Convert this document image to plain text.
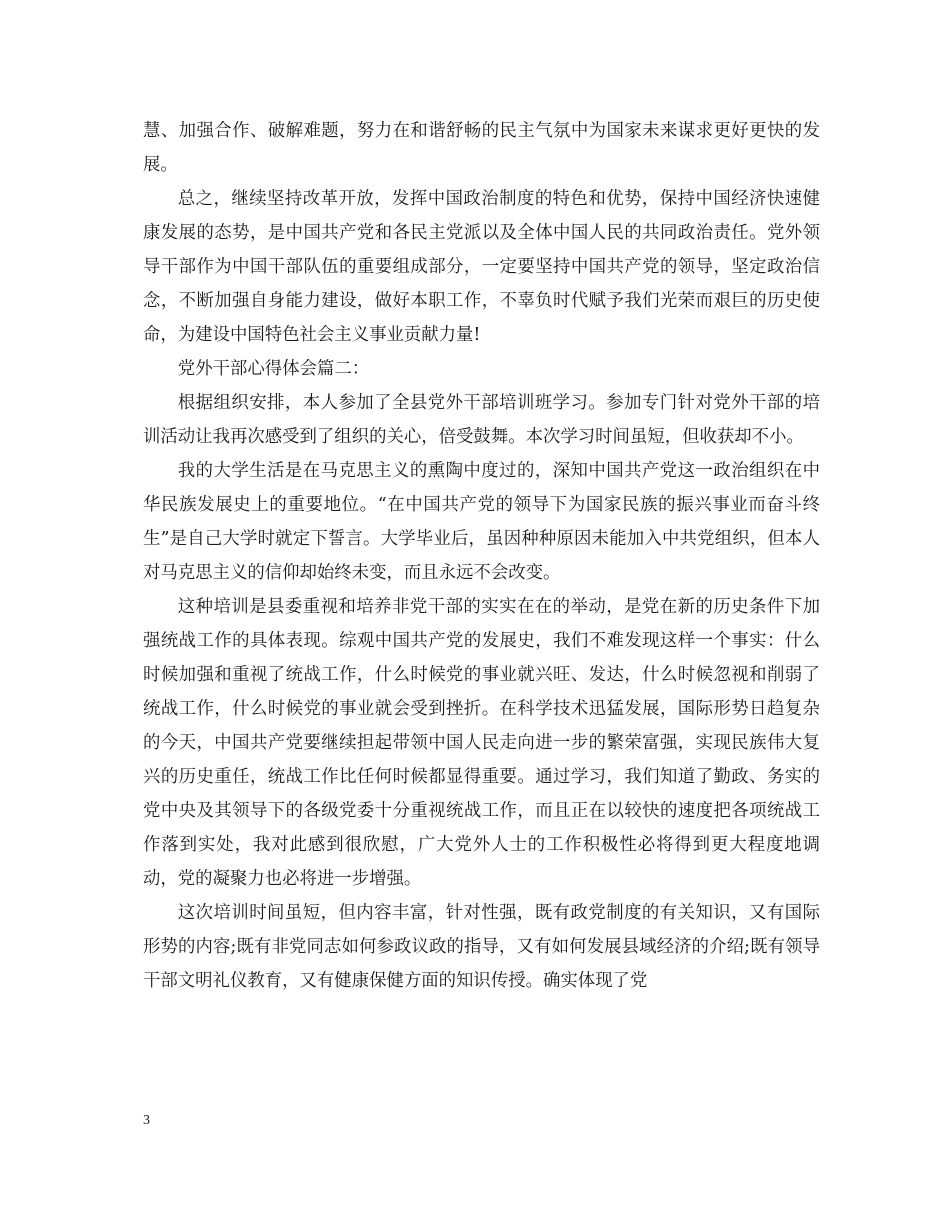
慧、加强合作、破解难题，努力在和谐舒畅的民主气氛中为国家未来谋求更好更快的发展。

总之，继续坚持改革开放，发挥中国政治制度的特色和优势，保持中国经济快速健康发展的态势，是中国共产党和各民主党派以及全体中国人民的共同政治责任。党外领导干部作为中国干部队伍的重要组成部分，一定要坚持中国共产党的领导，坚定政治信念，不断加强自身能力建设，做好本职工作，不辜负时代赋予我们光荣而艰巨的历史使命，为建设中国特色社会主义事业贡献力量!

党外干部心得体会篇二：

根据组织安排，本人参加了全县党外干部培训班学习。参加专门针对党外干部的培训活动让我再次感受到了组织的关心，倍受鼓舞。本次学习时间虽短，但收获却不小。

我的大学生活是在马克思主义的熏陶中度过的，深知中国共产党这一政治组织在中华民族发展史上的重要地位。“在中国共产党的领导下为国家民族的振兴事业而奋斗终生”是自己大学时就定下誓言。大学毕业后，虽因种种原因未能加入中共党组织，但本人对马克思主义的信仰却始终未变，而且永远不会改变。

这种培训是县委重视和培养非党干部的实实在在的举动，是党在新的历史条件下加强统战工作的具体表现。综观中国共产党的发展史，我们不难发现这样一个事实：什么时候加强和重视了统战工作，什么时候党的事业就兴旺、发达，什么时候忽视和削弱了统战工作，什么时候党的事业就会受到挫折。在科学技术迅猛发展，国际形势日趋复杂的今天，中国共产党要继续担起带领中国人民走向进一步的繁荣富强，实现民族伟大复兴的历史重任，统战工作比任何时候都显得重要。通过学习，我们知道了勤政、务实的党中央及其领导下的各级党委十分重视统战工作，而且正在以较快的速度把各项统战工作落到实处，我对此感到很欣慰，广大党外人士的工作积极性必将得到更大程度地调动，党的凝聚力也必将进一步增强。

这次培训时间虽短，但内容丰富，针对性强，既有政党制度的有关知识，又有国际形势的内容;既有非党同志如何参政议政的指导，又有如何发展县域经济的介绍;既有领导干部文明礼仪教育，又有健康保健方面的知识传授。确实体现了党

3
